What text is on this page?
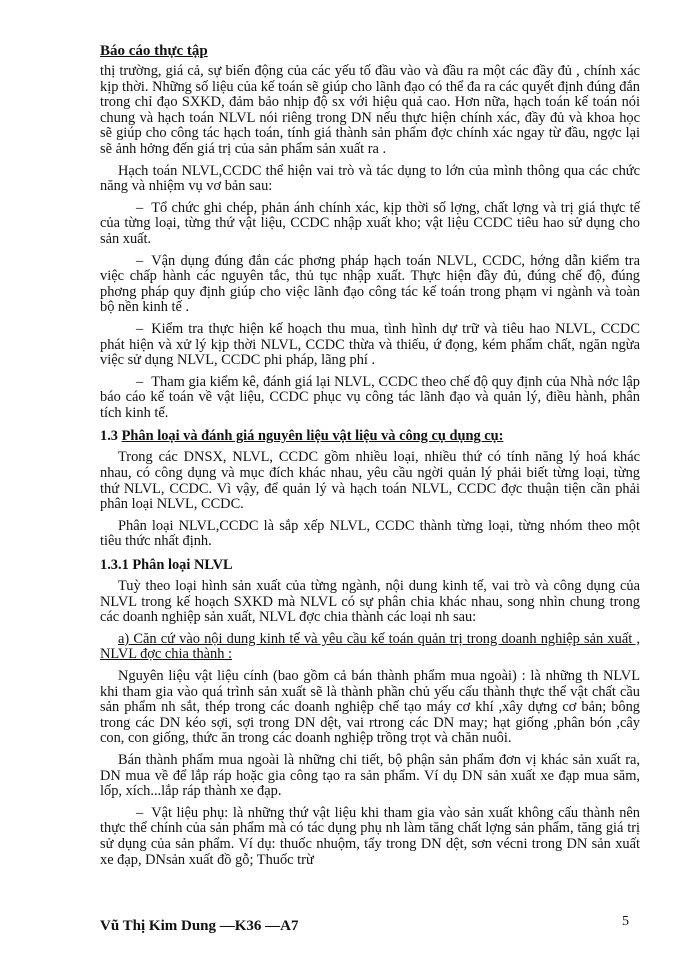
Báo cáo thực tập

thị trường, giá cả, sự biến động của các yếu tố đầu vào và đầu ra một các đầy đủ , chính xác kịp thời. Những số liệu của kế toán sẽ giúp cho lãnh đạo có thể đa ra các quyết định đúng đắn trong chỉ đạo SXKD, đảm bảo nhịp độ sx với hiệu quả cao. Hơn nữa, hạch toán kế toán nói chung và hạch toán NLVL nói riêng trong DN nếu thực hiện chính xác, đầy đủ và khoa học sẽ giúp cho công tác hạch toán, tính giá thành sản phẩm đợc chính xác ngay từ đầu, ngợc lại sẽ ảnh hởng đến giá trị của sản phẩm sản xuất ra .

Hạch toán NLVL,CCDC thể hiện vai trò và tác dụng to lớn của mình thông qua các chức năng và nhiệm vụ vơ bản sau:

– Tổ chức ghi chép, phản ánh chính xác, kịp thời số lợng, chất lợng và trị giá thực tế của từng loại, từng thứ vật liệu, CCDC nhập xuất kho; vật liệu CCDC tiêu hao sử dụng cho sản xuất.

– Vận dụng đúng đắn các phơng pháp hạch toán NLVL, CCDC, hớng dẫn kiểm tra việc chấp hành các nguyên tắc, thủ tục nhập xuất. Thực hiện đầy đủ, đúng chế độ, đúng phơng pháp quy định giúp cho việc lãnh đạo công tác kế toán trong phạm vi ngành và toàn bộ nền kinh tế .

– Kiểm tra thực hiện kế hoạch thu mua, tình hình dự trữ và tiêu hao NLVL, CCDC phát hiện và xử lý kịp thời NLVL, CCDC thừa và thiếu, ứ đọng, kém phẩm chất, ngăn ngừa việc sử dụng NLVL, CCDC phi pháp, lãng phí .

– Tham gia kiểm kê, đánh giá lại NLVL, CCDC theo chế độ quy định của Nhà nớc lập báo cáo kế toán về vật liệu, CCDC phục vụ công tác lãnh đạo và quản lý, điều hành, phân tích kinh tế.

1.3 Phân loại và đánh giá nguyên liệu vật liệu và công cụ dụng cụ:

Trong các DNSX, NLVL, CCDC gồm nhiều loại, nhiều thứ có tính năng lý hoá khác nhau, có công dụng và mục đích khác nhau, yêu cầu ngời quản lý phải biết từng loại, từng thứ NLVL, CCDC. Vì vậy, để quản lý và hạch toán NLVL, CCDC đợc thuận tiện cần phải phân loại NLVL, CCDC.

Phân loại NLVL,CCDC là sắp xếp NLVL, CCDC thành từng loại, từng nhóm theo một tiêu thức nhất định.

1.3.1 Phân loại NLVL

Tuỳ theo loại hình sản xuất của từng ngành, nội dung kinh tế, vai trò và công dụng của NLVL trong kế hoạch SXKD mà NLVL có sự phân chia khác nhau, song nhìn chung trong các doanh nghiệp sản xuất, NLVL đợc chia thành các loại nh sau:

a) Căn cứ vào nội dung kinh tế và yêu cầu kế toán quản trị trong doanh nghiệp sản xuất , NLVL đợc chia thành :

Nguyên liệu vật liệu cính (bao gồm cả bán thành phẩm mua ngoài) : là những th NLVL khi tham gia vào quá trình sản xuất sẽ là thành phần chủ yếu cấu thành thực thể vật chất cầu sản phẩm nh sắt, thép trong các doanh nghiệp chế tạo máy cơ khí ,xây dựng cơ bản; bông trong các DN kéo sợi, sợi trong DN dệt, vai rtrong các DN may; hạt giống ,phân bón ,cây con, con giống, thức ăn trong các doanh nghiệp trồng trọt và chăn nuôi.

Bán thành phẩm mua ngoài là những chi tiết, bộ phận sản phẩm đơn vị khác sản xuất ra, DN mua về để lắp ráp hoặc gia công tạo ra sản phẩm. Ví dụ DN sản xuất xe đạp mua săm, lốp, xích...lắp ráp thành xe đạp.

– Vật liệu phụ: là những thứ vật liệu khi tham gia vào sản xuất không cấu thành nên thực thể chính của sản phẩm mà có tác dụng phụ nh làm tăng chất lợng sản phẩm, tăng giá trị sử dụng của sản phẩm. Ví dụ: thuốc nhuộm, tẩy trong DN dệt, sơn vécni trong DN sản xuất xe đạp, DNsản xuất đồ gỗ; Thuốc trừ

Vũ Thị Kim Dung —K36 —A7	5
